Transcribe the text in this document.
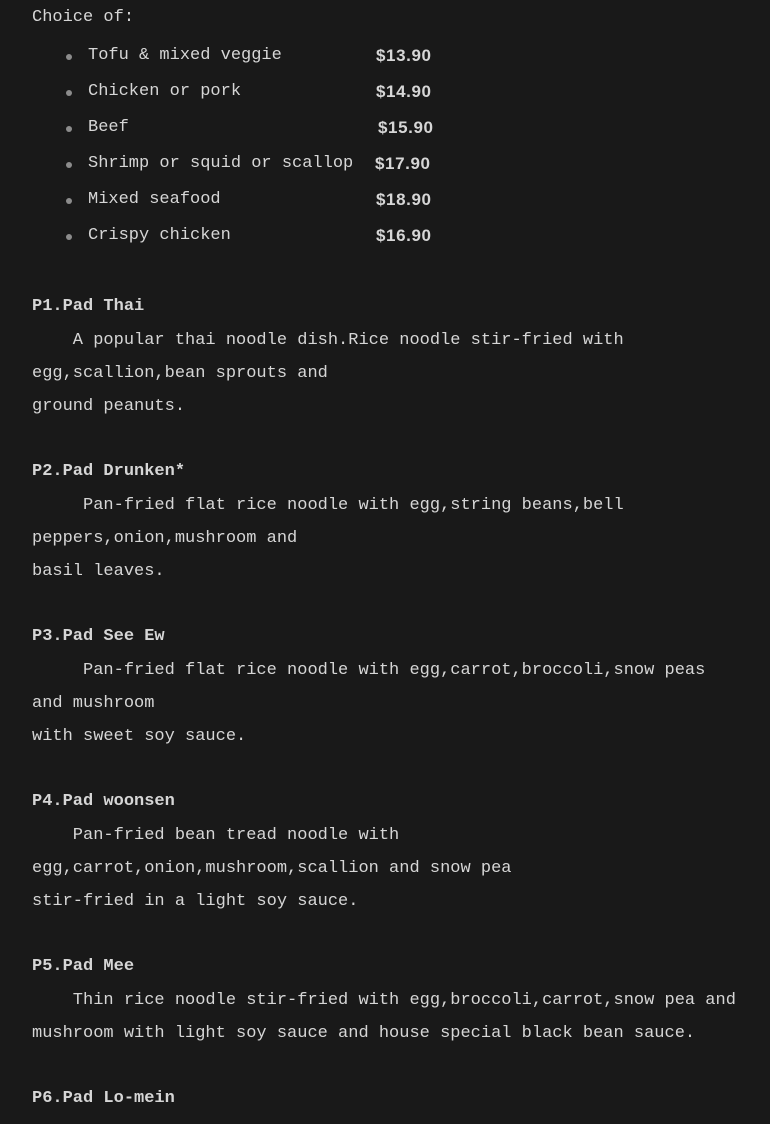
Choice of:
Tofu & mixed veggie	$13.90
Chicken or pork	$14.90
Beef	$15.90
Shrimp or squid or scallop $17.90
Mixed seafood	$18.90
Crispy chicken	$16.90
P1.Pad Thai
A popular thai noodle dish.Rice noodle stir-fried with
egg,scallion,bean sprouts and
ground peanuts.
P2.Pad Drunken*
Pan-fried flat rice noodle with egg,string beans,bell
peppers,onion,mushroom and
basil leaves.
P3.Pad See Ew
Pan-fried flat rice noodle with egg,carrot,broccoli,snow peas
and mushroom
with sweet soy sauce.
P4.Pad woonsen
Pan-fried bean tread noodle with
egg,carrot,onion,mushroom,scallion and snow pea
stir-fried in a light soy sauce.
P5.Pad Mee
Thin rice noodle stir-fried with egg,broccoli,carrot,snow pea and
mushroom with light soy sauce and house special black bean sauce.
P6.Pad Lo-mein
